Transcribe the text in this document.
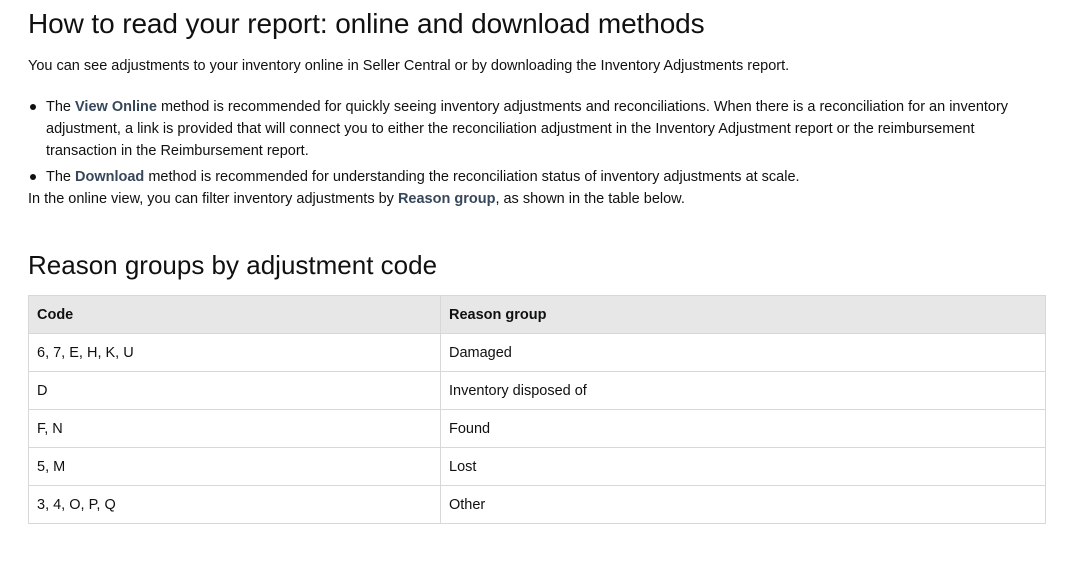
How to read your report: online and download methods

You can see adjustments to your inventory online in Seller Central or by downloading the Inventory Adjustments report.

The View Online method is recommended for quickly seeing inventory adjustments and reconciliations. When there is a reconciliation for an inventory adjustment, a link is provided that will connect you to either the reconciliation adjustment in the Inventory Adjustment report or the reimbursement transaction in the Reimbursement report.
The Download method is recommended for understanding the reconciliation status of inventory adjustments at scale.

In the online view, you can filter inventory adjustments by Reason group, as shown in the table below.

Reason groups by adjustment code
Code	Reason group
6, 7, E, H, K, U	Damaged
D	Inventory disposed of
F, N	Found
5, M	Lost
3, 4, O, P, Q	Other
